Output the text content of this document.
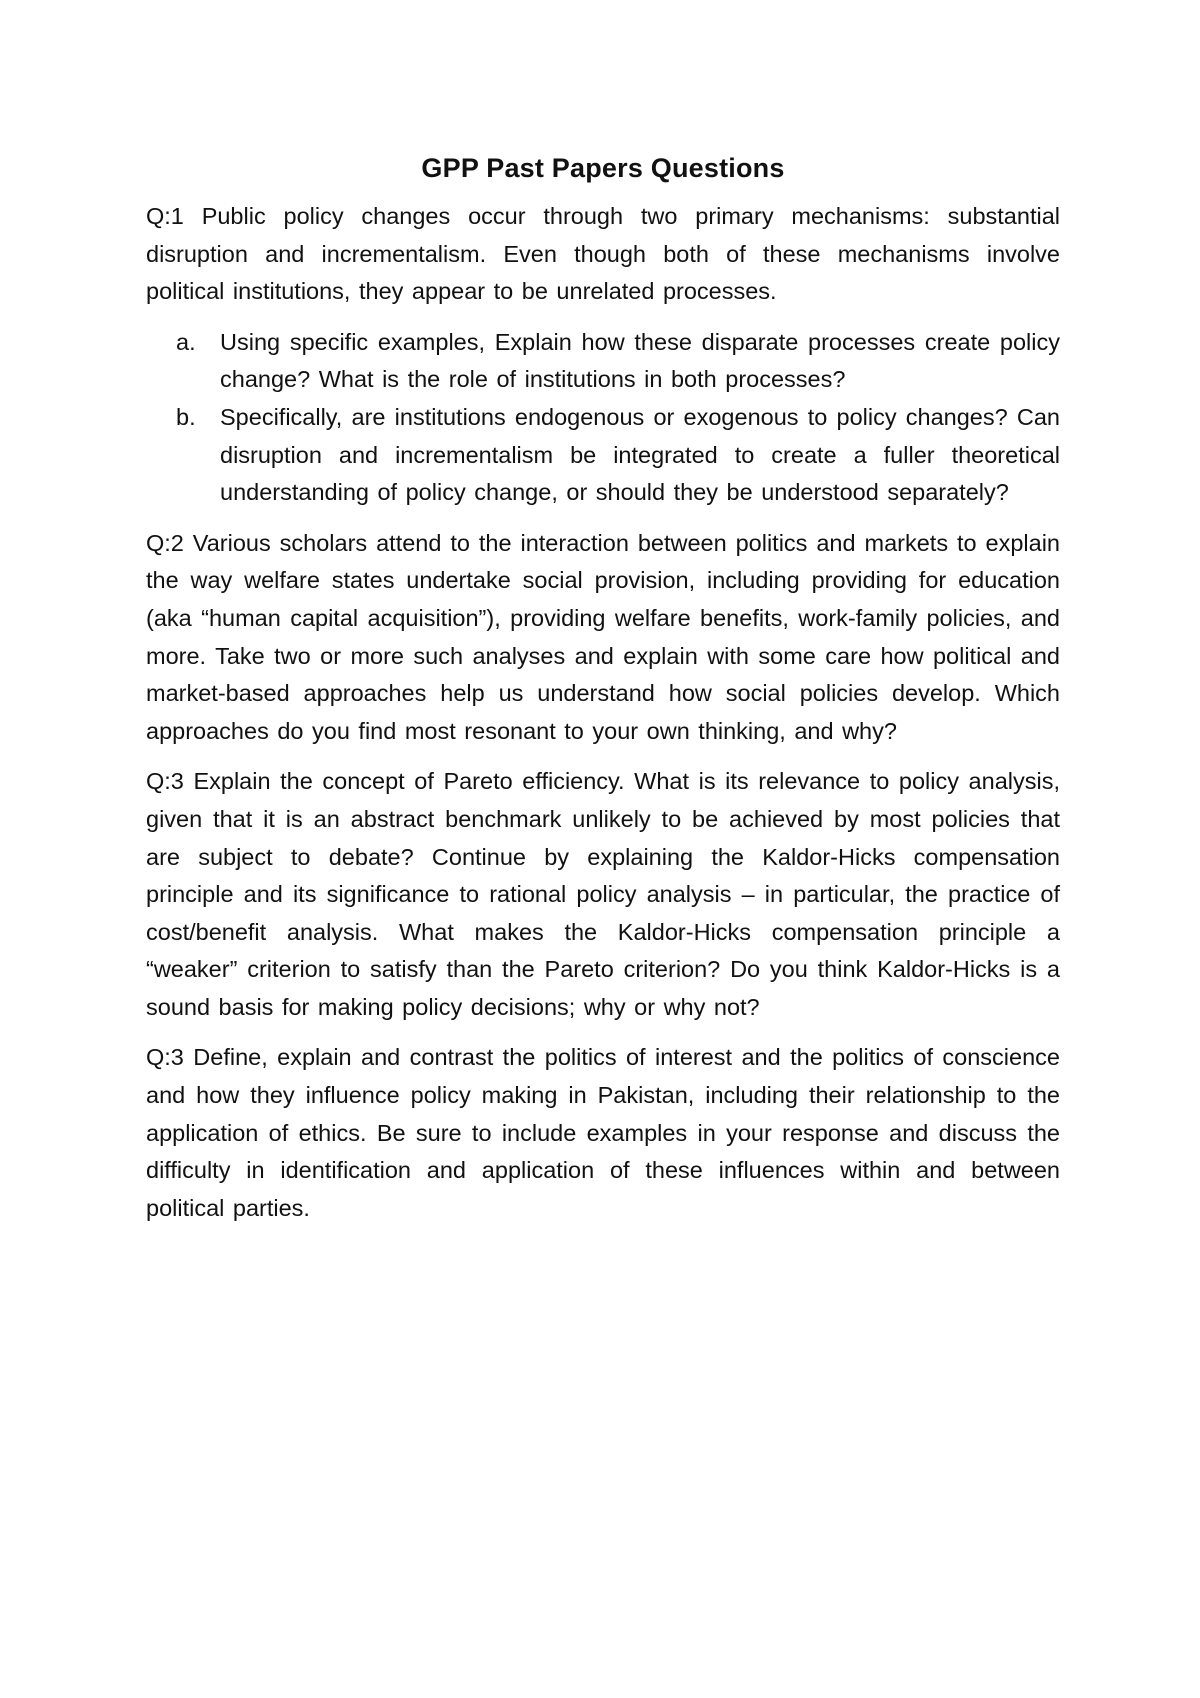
GPP Past Papers Questions

Q:1 Public policy changes occur through two primary mechanisms: substantial disruption and incrementalism. Even though both of these mechanisms involve political institutions, they appear to be unrelated processes.

a. Using specific examples, Explain how these disparate processes create policy change? What is the role of institutions in both processes?
b. Specifically, are institutions endogenous or exogenous to policy changes? Can disruption and incrementalism be integrated to create a fuller theoretical understanding of policy change, or should they be understood separately?

Q:2 Various scholars attend to the interaction between politics and markets to explain the way welfare states undertake social provision, including providing for education (aka “human capital acquisition”), providing welfare benefits, work-family policies, and more. Take two or more such analyses and explain with some care how political and market-based approaches help us understand how social policies develop. Which approaches do you find most resonant to your own thinking, and why?

Q:3 Explain the concept of Pareto efficiency. What is its relevance to policy analysis, given that it is an abstract benchmark unlikely to be achieved by most policies that are subject to debate? Continue by explaining the Kaldor-Hicks compensation principle and its significance to rational policy analysis – in particular, the practice of cost/benefit analysis. What makes the Kaldor-Hicks compensation principle a “weaker” criterion to satisfy than the Pareto criterion? Do you think Kaldor-Hicks is a sound basis for making policy decisions; why or why not?

Q:3 Define, explain and contrast the politics of interest and the politics of conscience and how they influence policy making in Pakistan, including their relationship to the application of ethics. Be sure to include examples in your response and discuss the difficulty in identification and application of these influences within and between political parties.
